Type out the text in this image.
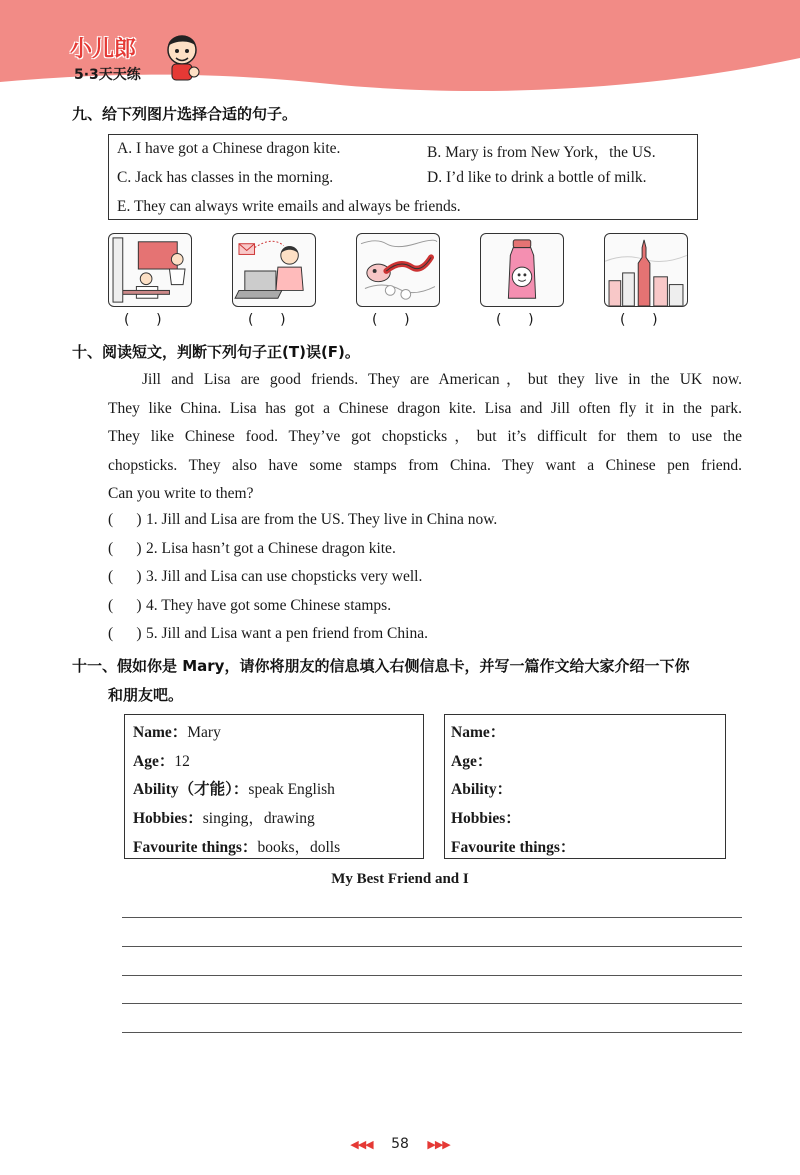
小儿郎
5·3天天练
九、给下列图片选择合适的句子。
A. I have got a Chinese dragon kite.	B. Mary is from New York，the US.
C. Jack has classes in the morning.	D. I’d like to drink a bottle of milk.
E. They can always write emails and always be friends.
(      )	(      )	(      )	(      )	(      )
十、阅读短文，判断下列句子正(T)误(F)。
Jill and Lisa are good friends. They are American，but they live in the UK now.
They like China. Lisa has got a Chinese dragon kite. Lisa and Jill often fly it in the park.
They like Chinese food. They’ve got chopsticks，but it’s difficult for them to use the
chopsticks. They also have some stamps from China. They want a Chinese pen friend.
Can you write to them?
(      ) 1. Jill and Lisa are from the US. They live in China now.
(      ) 2. Lisa hasn’t got a Chinese dragon kite.
(      ) 3. Jill and Lisa can use chopsticks very well.
(      ) 4. They have got some Chinese stamps.
(      ) 5. Jill and Lisa want a pen friend from China.
十一、假如你是 Mary，请你将朋友的信息填入右侧信息卡，并写一篇作文给大家介绍一下你
和朋友吧。
Name：Mary
Age：12
Ability（才能）：speak English
Hobbies：singing，drawing
Favourite things：books，dolls
Name：
Age：
Ability：
Hobbies：
Favourite things：
My Best Friend and I
◀◀◀ 58 ▶▶▶
